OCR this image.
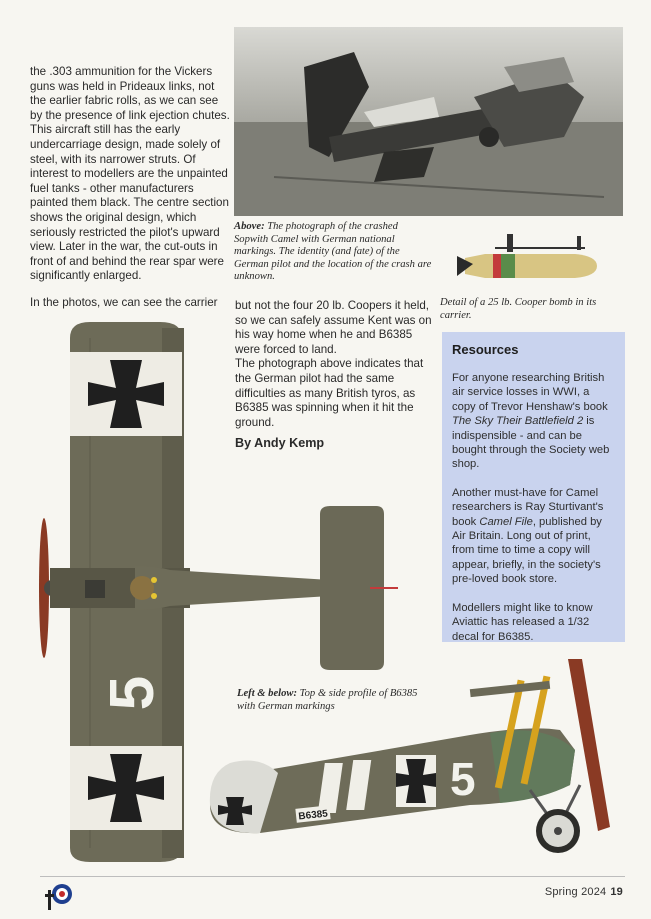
the .303 ammunition for the Vickers guns was held in Prideaux links, not the earlier fabric rolls, as we can see by the presence of link ejection chutes. This aircraft still has the early undercarriage design, made solely of steel, with its narrower struts. Of interest to modellers are the unpainted fuel tanks - other manufacturers painted them black. The centre section shows the original design, which seriously restricted the pilot's upward view. Later in the war, the cut-outs in front of and behind the rear spar were significantly enlarged.

In the photos, we can see the carrier

Above: The photograph of the crashed Sopwith Camel with German national markings. The identity (and fate) of the German pilot and the location of the crash are unknown.
Detail of a 25 lb. Cooper bomb in its carrier.

but not the four 20 lb. Coopers it held, so we can safely assume Kent was on his way home when he and B6385 were forced to land.

The photograph above indicates that the German pilot had the same difficulties as many British tyros, as B6385 was spinning when it hit the ground.

By Andy Kemp
Resources

For anyone researching British air service losses in WWI, a copy of Trevor Henshaw's book The Sky Their Battlefield 2 is indispensible - and can be bought through the Society web shop.

Another must-have for Camel researchers is Ray Sturtivant's book Camel File, published by Air Britain. Long out of print, from time to time a copy will appear, briefly, in the society's pre-loved book store.

Modellers might like to know Aviattic has released a 1/32 decal for B6385.

5	Left & below: Top & side profile of B6385 with German markings
5
B6385
Spring 2024 19
